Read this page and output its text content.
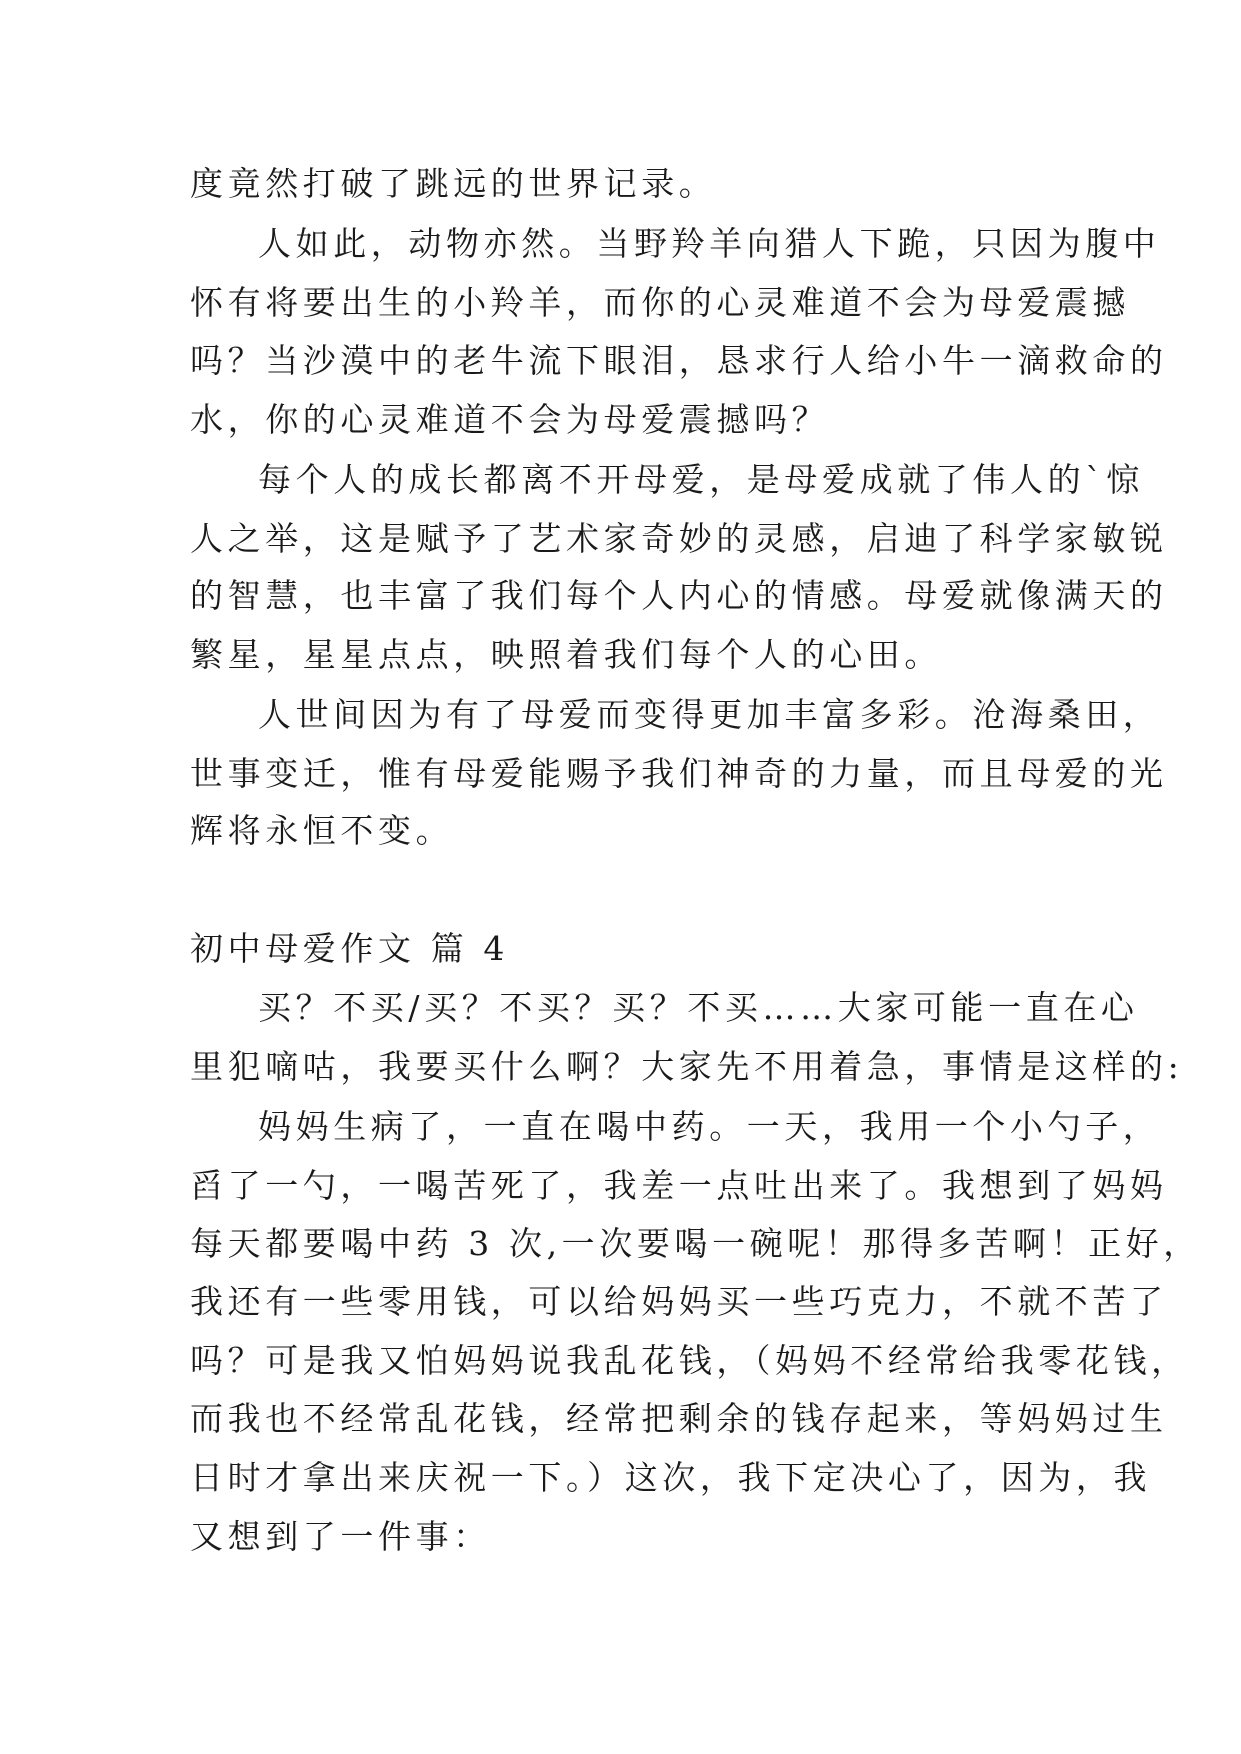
度竟然打破了跳远的世界记录。
人如此，动物亦然。当野羚羊向猎人下跪，只因为腹中
怀有将要出生的小羚羊，而你的心灵难道不会为母爱震撼
吗？当沙漠中的老牛流下眼泪，恳求行人给小牛一滴救命的
水，你的心灵难道不会为母爱震撼吗？
每个人的成长都离不开母爱，是母爱成就了伟人的`惊
人之举，这是赋予了艺术家奇妙的灵感，启迪了科学家敏锐
的智慧，也丰富了我们每个人内心的情感。母爱就像满天的
繁星，星星点点，映照着我们每个人的心田。
人世间因为有了母爱而变得更加丰富多彩。沧海桑田，
世事变迁，惟有母爱能赐予我们神奇的力量，而且母爱的光
辉将永恒不变。
初中母爱作文 篇 4
买？不买/买？不买？买？不买……大家可能一直在心
里犯嘀咕，我要买什么啊？大家先不用着急，事情是这样的:
妈妈生病了，一直在喝中药。一天，我用一个小勺子，
舀了一勺，一喝苦死了，我差一点吐出来了。我想到了妈妈
每天都要喝中药 3 次,一次要喝一碗呢！那得多苦啊！正好，
我还有一些零用钱，可以给妈妈买一些巧克力，不就不苦了
吗？可是我又怕妈妈说我乱花钱，（妈妈不经常给我零花钱，
而我也不经常乱花钱，经常把剩余的钱存起来，等妈妈过生
日时才拿出来庆祝一下。）这次，我下定决心了，因为，我
又想到了一件事：
